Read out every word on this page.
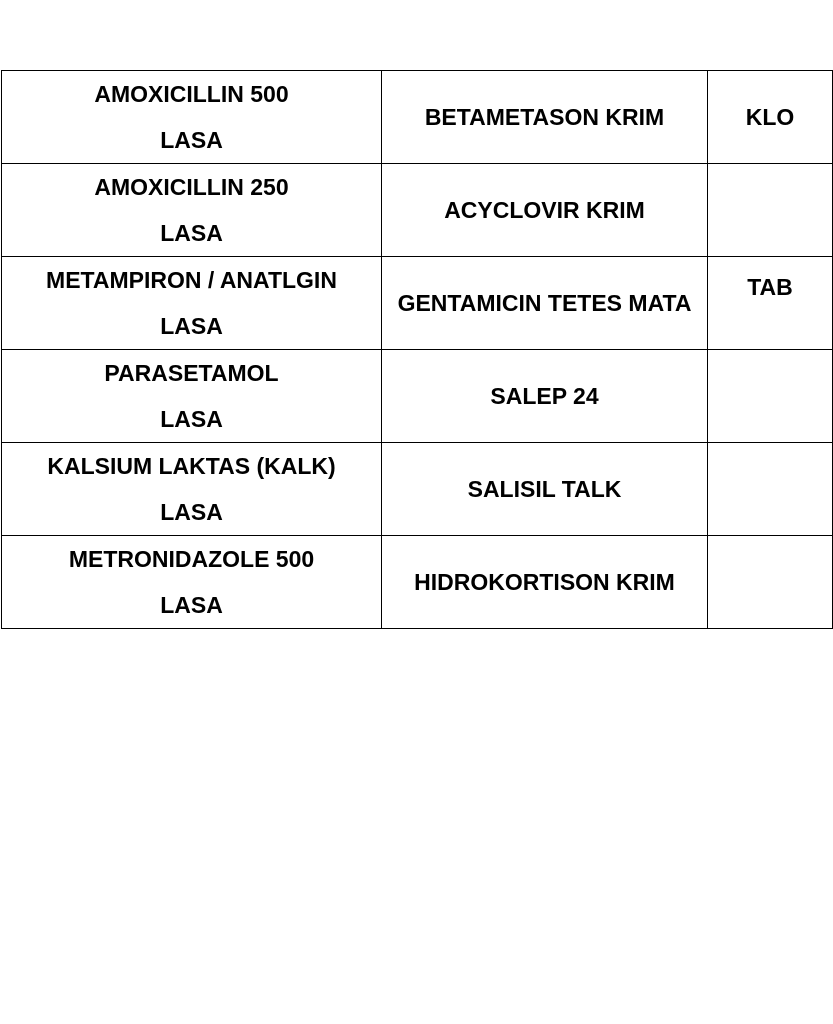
AMOXICILLIN 500
LASA	BETAMETASON KRIM	KLO

AMOXICILLIN 250
LASA	ACYCLOVIR KRIM	

METAMPIRON / ANATLGIN
LASA	GENTAMICIN TETES MATA	TAB

PARASETAMOL
LASA	SALEP 24	

KALSIUM LAKTAS (KALK)
LASA	SALISIL TALK	

METRONIDAZOLE 500
LASA	HIDROKORTISON KRIM	
